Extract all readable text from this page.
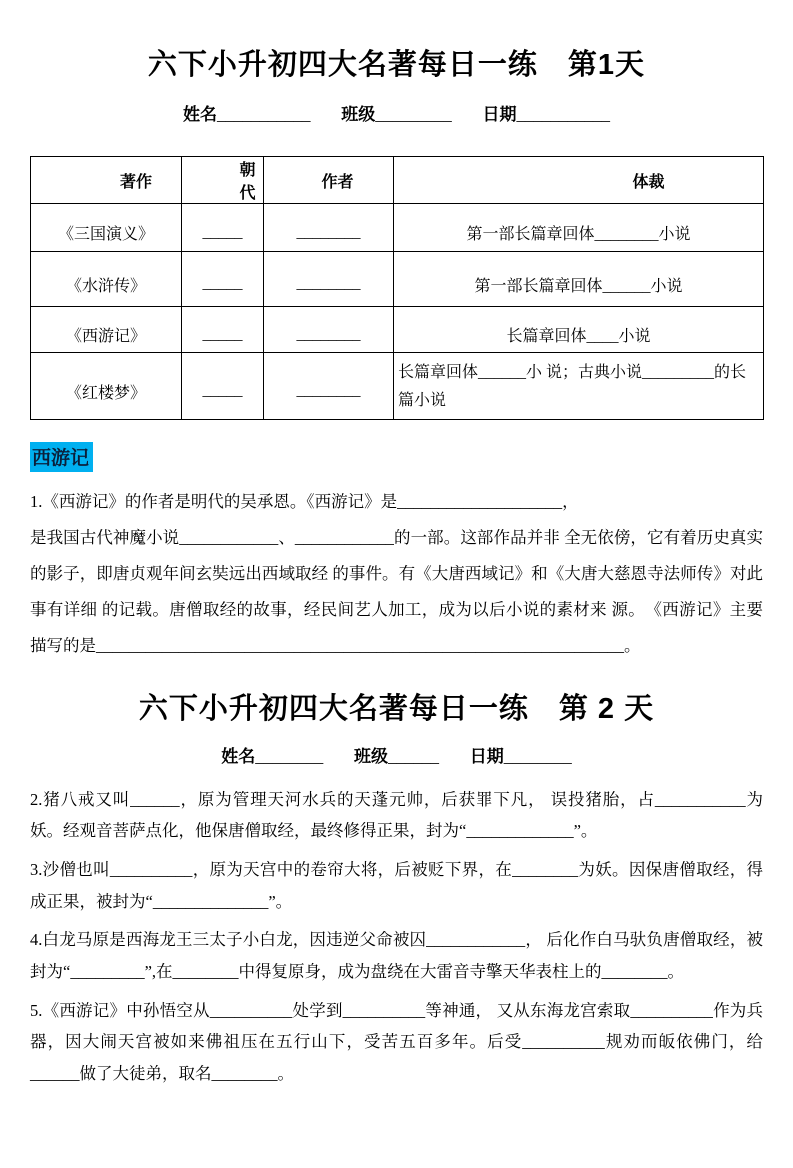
六下小升初四大名著每日一练　第1天
姓名___________ 班级_________ 日期___________
著作	朝代	作者	体裁
《三国演义》	_____	________	第一部长篇章回体________小说
《水浒传》	_____	________	第一部长篇章回体______小说
《西游记》	_____	________	长篇章回体____小说
《红楼梦》	_____	________	长篇章回体______小 说；古典小说_________的长篇小说
西游记

1.《西游记》的作者是明代的吴承恩。《西游记》是____________________，
是我国古代神魔小说____________、____________的一部。这部作品并非 全无依傍，它有着历史真实的影子，即唐贞观年间玄奘远出西域取经 的事件。有《大唐西域记》和《大唐大慈恩寺法师传》对此事有详细 的记载。唐僧取经的故事，经民间艺人加工，成为以后小说的素材来 源。　《西游记》主要描写的是________________________________________________________________。

六下小升初四大名著每日一练　第 2 天
姓名________ 班级______ 日期________

2.猪八戒又叫______，原为管理天河水兵的天蓬元帅，后获罪下凡， 误投猪胎，占___________为妖。经观音菩萨点化，他保唐僧取经，最终修得正果，封为“_____________”。

3.沙僧也叫__________，原为天宫中的卷帘大将，后被贬下界，在________为妖。因保唐僧取经，得成正果，被封为“______________”。

4.白龙马原是西海龙王三太子小白龙，因违逆父命被囚____________， 后化作白马驮负唐僧取经，被封为“_________”,在________中得复原身，成为盘绕在大雷音寺擎天华表柱上的________。

5.《西游记》中孙悟空从__________处学到__________等神通， 又从东海龙宫索取__________作为兵器，因大闹天宫被如来佛祖压在五行山下，受苦五百多年。后受__________规劝而皈依佛门，给______做了大徒弟，取名________。
